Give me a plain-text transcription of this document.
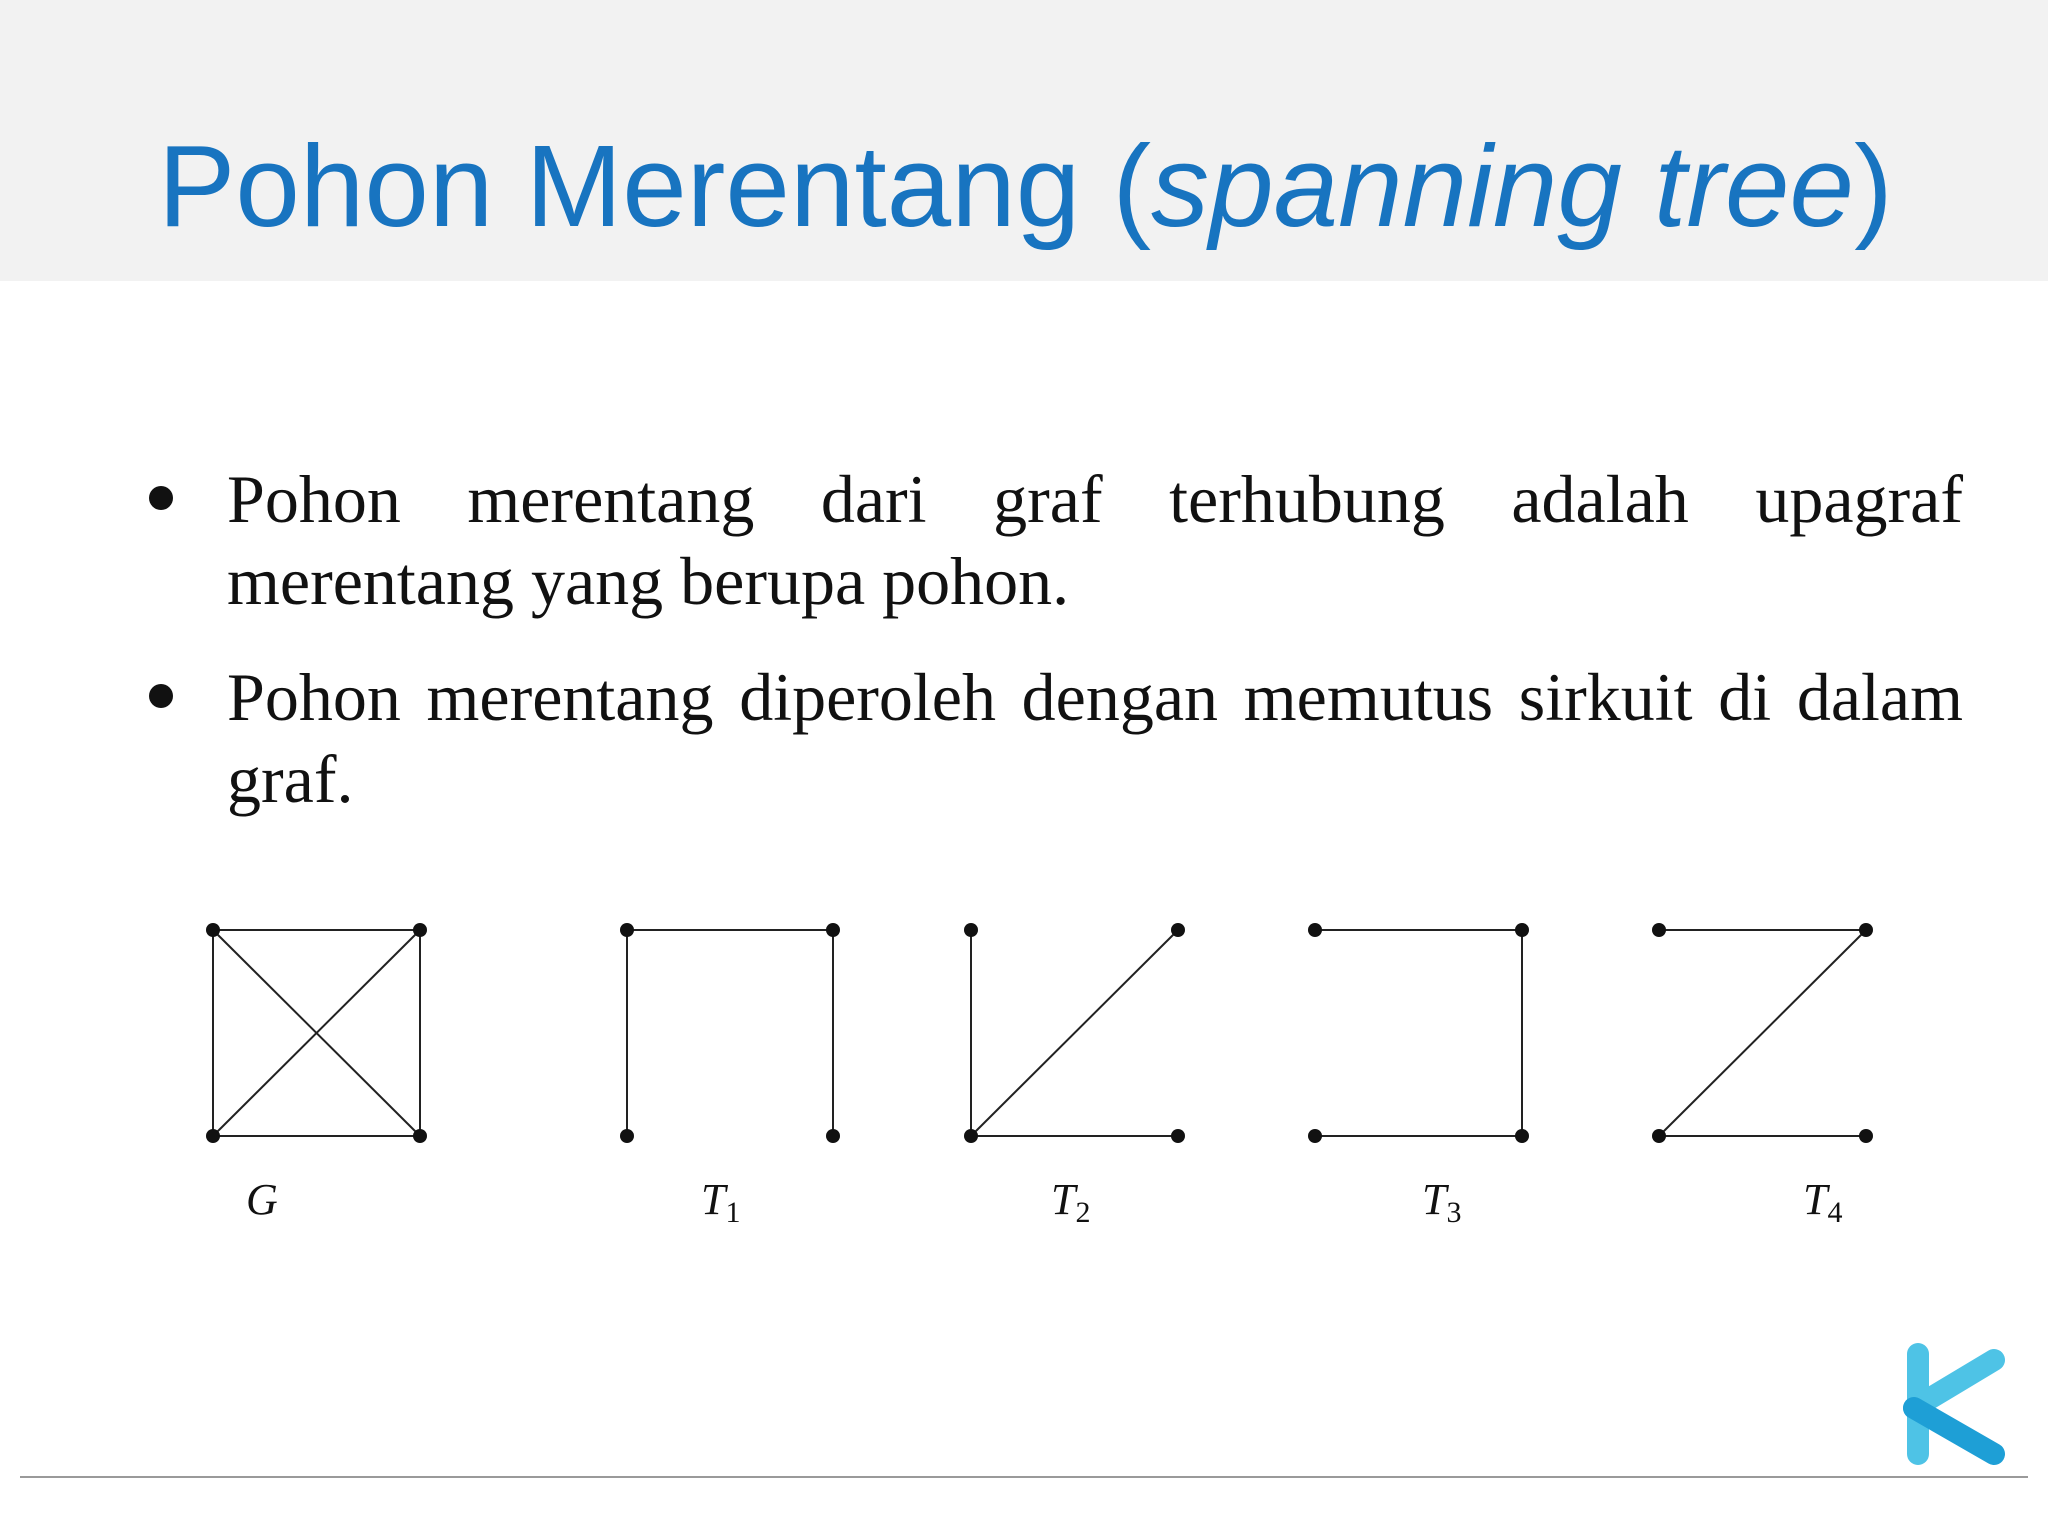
Pohon Merentang (spanning tree)
Pohon merentang dari graf terhubung adalah upagraf merentang yang berupa pohon.
Pohon merentang diperoleh dengan memutus sirkuit di dalam graf.
G	$T_1$	$T_2$	$T_3$	$T_4$
